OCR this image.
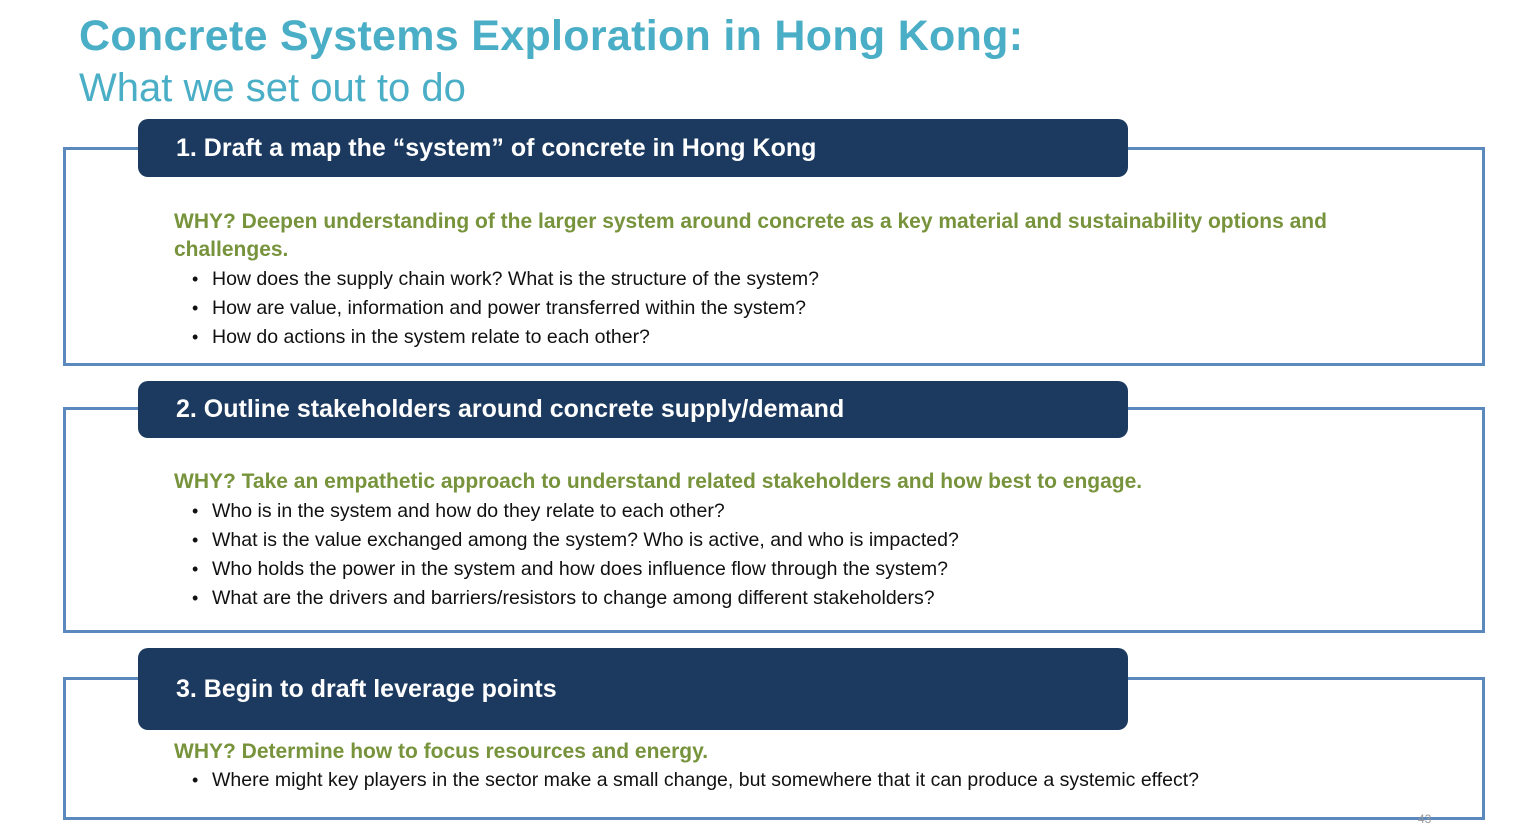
Concrete Systems Exploration in Hong Kong:
What we set out to do
1. Draft a map the “system” of concrete in Hong Kong
WHY? Deepen understanding of the larger system around concrete as a key material and sustainability options and challenges.
• How does the supply chain work? What is the structure of the system?
• How are value, information and power transferred within the system?
• How do actions in the system relate to each other?
2. Outline stakeholders around concrete supply/demand
WHY? Take an empathetic approach to understand related stakeholders and how best to engage.
• Who is in the system and how do they relate to each other?
• What is the value exchanged among the system? Who is active, and who is impacted?
• Who holds the power in the system and how does influence flow through the system?
• What are the drivers and barriers/resistors to change among different stakeholders?
3. Begin to draft leverage points
WHY? Determine how to focus resources and energy.
• Where might key players in the sector make a small change, but somewhere that it can produce a systemic effect?
43
